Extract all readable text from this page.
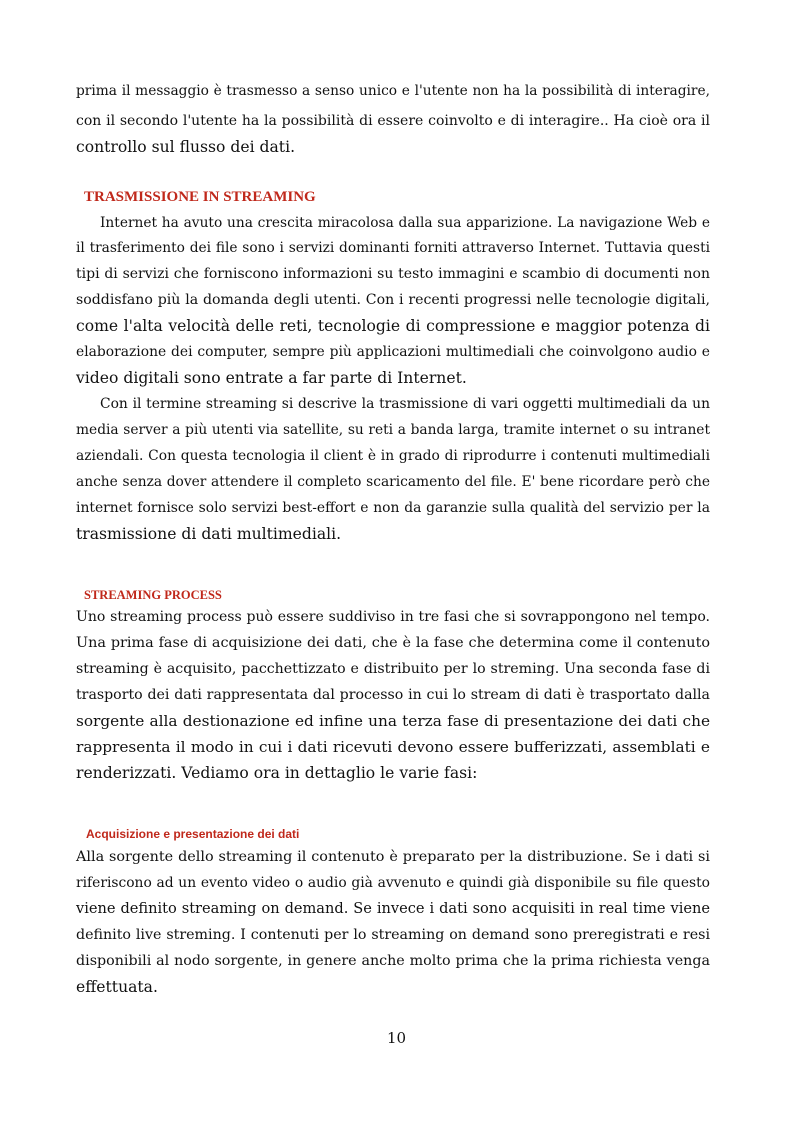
prima il messaggio è trasmesso a senso unico e l'utente non ha la possibilità di interagire,
con il secondo l'utente ha la possibilità di essere coinvolto e di interagire.. Ha cioè ora il
controllo sul flusso dei dati.
TRASMISSIONE IN STREAMING
Internet ha avuto una crescita miracolosa dalla sua apparizione. La navigazione Web e
il trasferimento dei file sono i servizi dominanti forniti attraverso Internet. Tuttavia questi
tipi di servizi che forniscono informazioni su testo immagini e scambio di documenti non
soddisfano più la domanda degli utenti. Con i recenti progressi nelle tecnologie digitali,
come l'alta velocità delle reti, tecnologie di compressione e maggior potenza di
elaborazione dei computer, sempre più applicazioni multimediali che coinvolgono audio e
video digitali sono entrate a far parte di Internet.
Con il termine streaming si descrive la trasmissione di vari oggetti multimediali da un
media server a più utenti via satellite, su reti a banda larga, tramite internet o su intranet
aziendali. Con questa tecnologia il client è in grado di riprodurre i contenuti multimediali
anche senza dover attendere il completo scaricamento del file. E' bene ricordare però che
internet fornisce solo servizi best-effort e non da garanzie sulla qualità del servizio per la
trasmissione di dati multimediali.
STREAMING PROCESS
Uno streaming process può essere suddiviso in tre fasi che si sovrappongono nel tempo.
Una prima fase di acquisizione dei dati, che è la fase che determina come il contenuto
streaming è acquisito, pacchettizzato e distribuito per lo streming. Una seconda fase di
trasporto dei dati rappresentata dal processo in cui lo stream di dati è trasportato dalla
sorgente alla destionazione ed infine una terza fase di presentazione dei dati che
rappresenta il modo in cui i dati ricevuti devono essere bufferizzati, assemblati e
renderizzati. Vediamo ora in dettaglio le varie fasi:
Acquisizione e presentazione dei dati
Alla sorgente dello streaming il contenuto è preparato per la distribuzione. Se i dati si
riferiscono ad un evento video o audio già avvenuto e quindi già disponibile su file questo
viene definito streaming on demand. Se invece i dati sono acquisiti in real time viene
definito live streming. I contenuti per lo streaming on demand sono preregistrati e resi
disponibili al nodo sorgente, in genere anche molto prima che la prima richiesta venga
effettuata.
10
